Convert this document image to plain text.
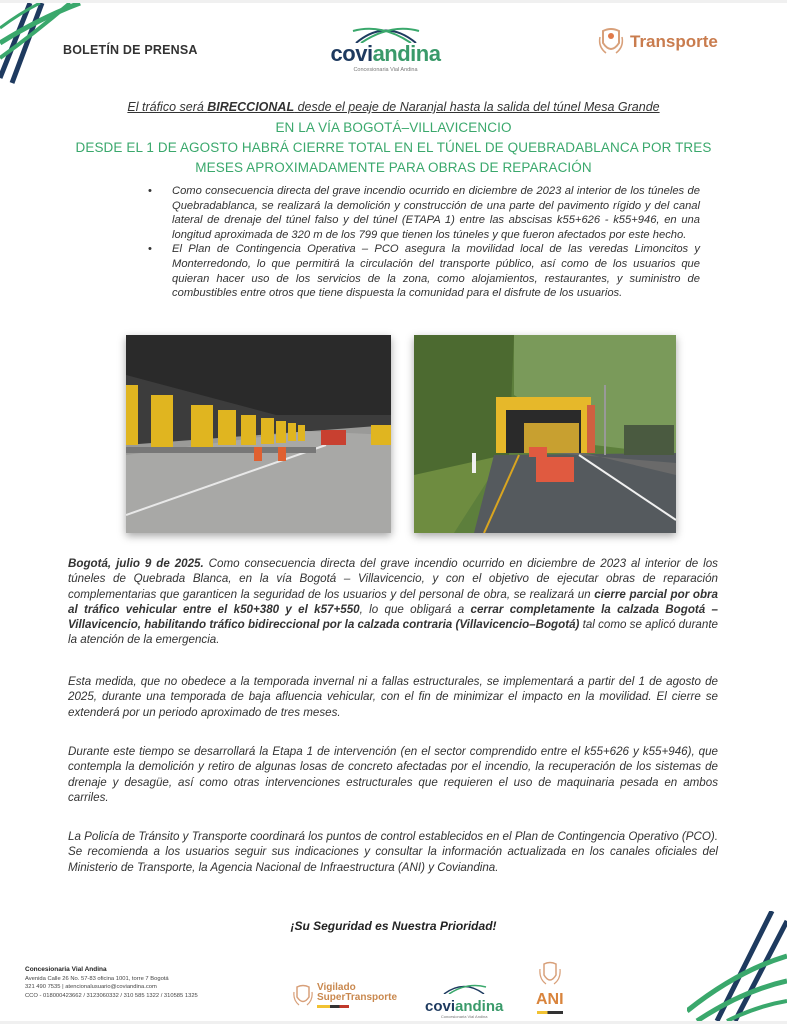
BOLETÍN DE PRENSA	coviandina
Concesionaria Vial Andina
Transporte
El tráfico será BIRECCIONAL desde el peaje de Naranjal hasta la salida del túnel Mesa Grande
EN LA VÍA BOGOTÁ–VILLAVICENCIO
DESDE EL 1 DE AGOSTO HABRÁ CIERRE TOTAL EN EL TÚNEL DE QUEBRADABLANCA POR TRES
MESES APROXIMADAMENTE PARA OBRAS DE REPARACIÓN
• Como consecuencia directa del grave incendio ocurrido en diciembre de 2023 al interior de los túneles de Quebradablanca, se realizará la demolición y construcción de una parte del pavimento rígido y del canal lateral de drenaje del túnel falso y del túnel (ETAPA 1) entre las abscisas k55+626 - k55+946, en una longitud aproximada de 320 m de los 799 que tienen los túneles y que fueron afectados por este hecho.
• El Plan de Contingencia Operativa – PCO asegura la movilidad local de las veredas Limoncitos y Monterredondo, lo que permitirá la circulación del transporte público, así como de los usuarios que quieran hacer uso de los servicios de la zona, como alojamientos, restaurantes, y suministro de combustibles entre otros que tiene dispuesta la comunidad para el disfrute de los usuarios.
Bogotá, julio 9 de 2025. Como consecuencia directa del grave incendio ocurrido en diciembre de 2023 al interior de los túneles de Quebrada Blanca, en la vía Bogotá – Villavicencio, y con el objetivo de ejecutar obras de reparación complementarias que garanticen la seguridad de los usuarios y del personal de obra, se realizará un cierre parcial por obra al tráfico vehicular entre el k50+380 y el k57+550, lo que obligará a cerrar completamente la calzada Bogotá – Villavicencio, habilitando tráfico bidireccional por la calzada contraria (Villavicencio–Bogotá) tal como se aplicó durante la atención de la emergencia.
Esta medida, que no obedece a la temporada invernal ni a fallas estructurales, se implementará a partir del 1 de agosto de 2025, durante una temporada de baja afluencia vehicular, con el fin de minimizar el impacto en la movilidad. El cierre se extenderá por un periodo aproximado de tres meses.
Durante este tiempo se desarrollará la Etapa 1 de intervención (en el sector comprendido entre el k55+626 y k55+946), que contempla la demolición y retiro de algunas losas de concreto afectadas por el incendio, la recuperación de los sistemas de drenaje y desagüe, así como otras intervenciones estructurales que requieren el uso de maquinaria pesada en ambos carriles.
La Policía de Tránsito y Transporte coordinará los puntos de control establecidos en el Plan de Contingencia Operativo (PCO). Se recomienda a los usuarios seguir sus indicaciones y consultar la información actualizada en los canales oficiales del Ministerio de Transporte, la Agencia Nacional de Infraestructura (ANI) y Coviandina.
¡Su Seguridad es Nuestra Prioridad!
Concesionaria Vial Andina
Avenida Calle 26 No. 57-83 oficina 1001, torre 7 Bogotá
321 490 7535 | atencionalusuario@coviandina.com
CCO - 018000423662 / 3123060332 / 310 585 1322 / 310585 1325
Vigilado
SuperTransporte
coviandina
Concesionaria Vial Andina
ANI
